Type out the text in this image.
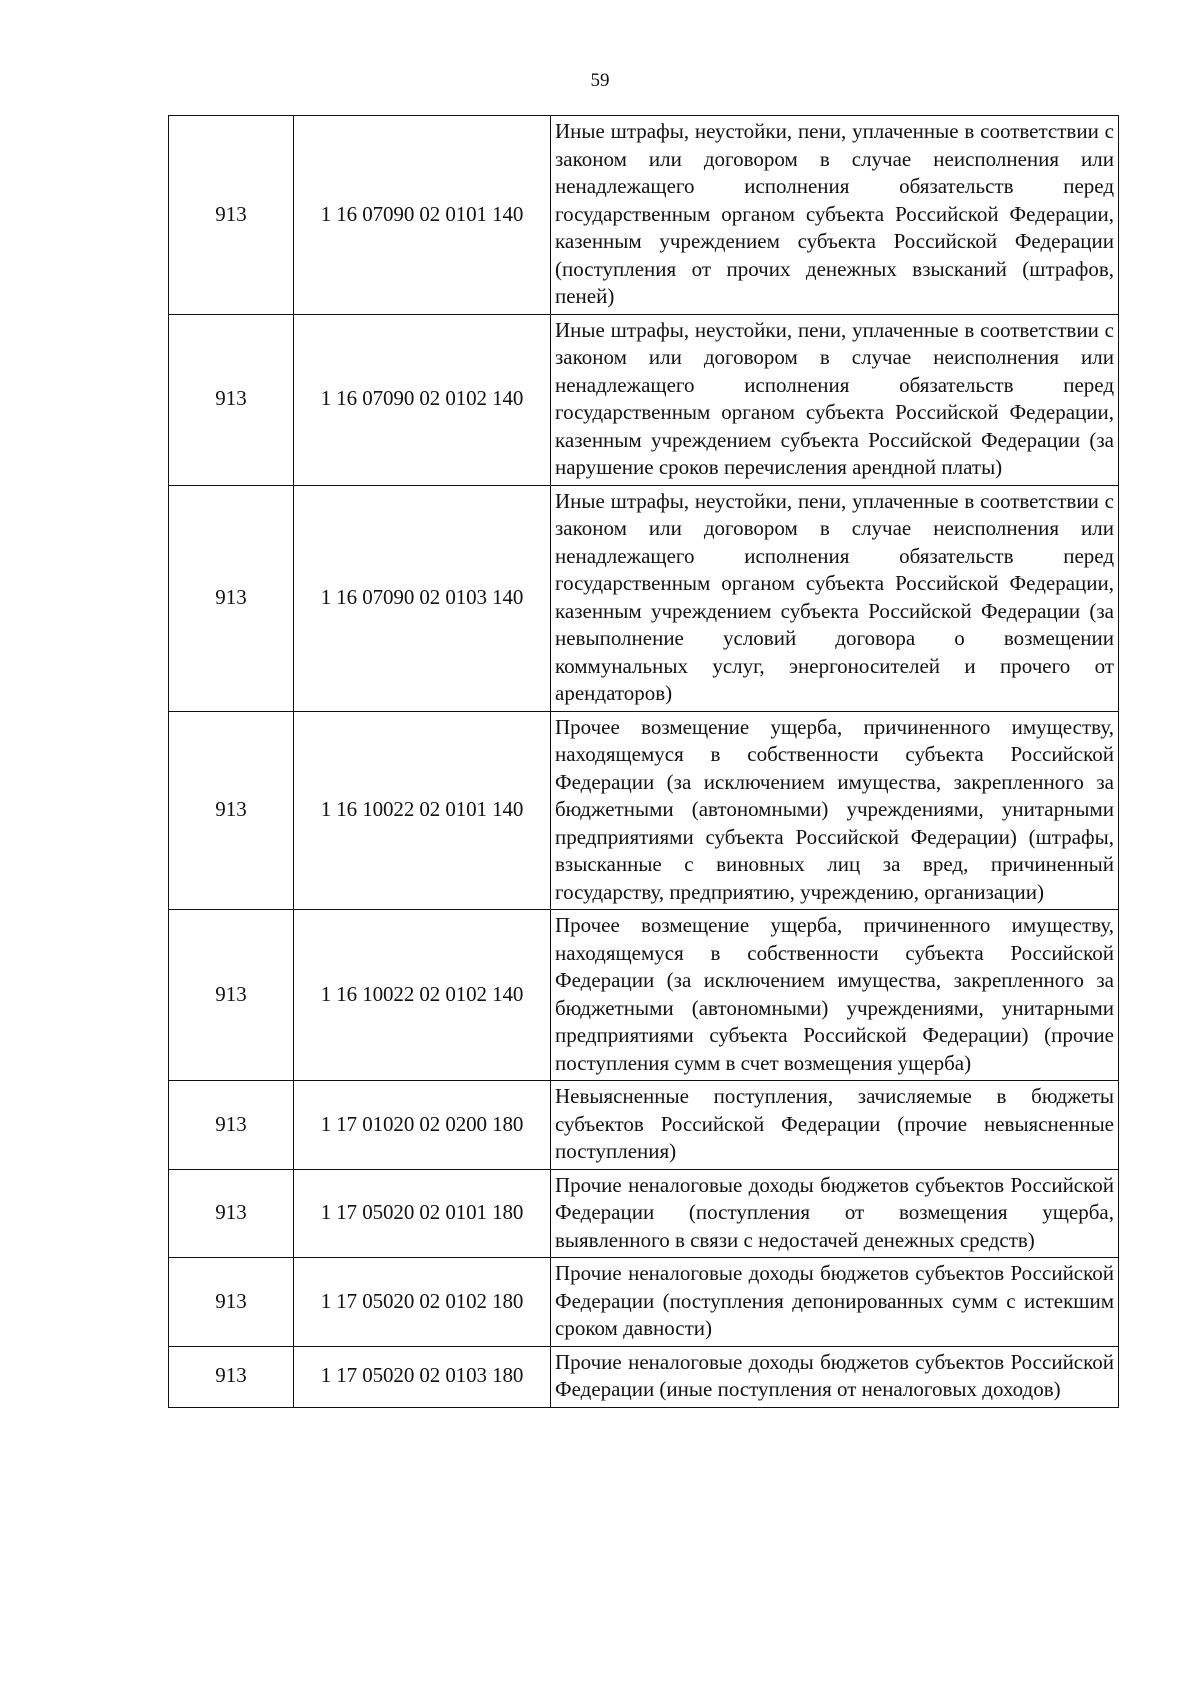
59
913	1 16 07090 02 0101 140	Иные штрафы, неустойки, пени, уплаченные в соответствии с законом или договором в случае неисполнения или ненадлежащего исполнения обязательств перед государственным органом субъекта Российской Федерации, казенным учреждением субъекта Российской Федерации (поступления от прочих денежных взысканий (штрафов, пеней)
913	1 16 07090 02 0102 140	Иные штрафы, неустойки, пени, уплаченные в соответствии с законом или договором в случае неисполнения или ненадлежащего исполнения обязательств перед государственным органом субъекта Российской Федерации, казенным учреждением субъекта Российской Федерации (за нарушение сроков перечисления арендной платы)
913	1 16 07090 02 0103 140	Иные штрафы, неустойки, пени, уплаченные в соответствии с законом или договором в случае неисполнения или ненадлежащего исполнения обязательств перед государственным органом субъекта Российской Федерации, казенным учреждением субъекта Российской Федерации (за невыполнение условий договора о возмещении коммунальных услуг, энергоносителей и прочего от арендаторов)
913	1 16 10022 02 0101 140	Прочее возмещение ущерба, причиненного имуществу, находящемуся в собственности субъекта Российской Федерации (за исключением имущества, закрепленного за бюджетными (автономными) учреждениями, унитарными предприятиями субъекта Российской Федерации) (штрафы, взысканные с виновных лиц за вред, причиненный государству, предприятию, учреждению, организации)
913	1 16 10022 02 0102 140	Прочее возмещение ущерба, причиненного имуществу, находящемуся в собственности субъекта Российской Федерации (за исключением имущества, закрепленного за бюджетными (автономными) учреждениями, унитарными предприятиями субъекта Российской Федерации) (прочие поступления сумм в счет возмещения ущерба)
913	1 17 01020 02 0200 180	Невыясненные поступления, зачисляемые в бюджеты субъектов Российской Федерации (прочие невыясненные поступления)
913	1 17 05020 02 0101 180	Прочие неналоговые доходы бюджетов субъектов Российской Федерации (поступления от возмещения ущерба, выявленного в связи с недостачей денежных средств)
913	1 17 05020 02 0102 180	Прочие неналоговые доходы бюджетов субъектов Российской Федерации (поступления депонированных сумм с истекшим сроком давности)
913	1 17 05020 02 0103 180	Прочие неналоговые доходы бюджетов субъектов Российской Федерации (иные поступления от неналоговых доходов)
